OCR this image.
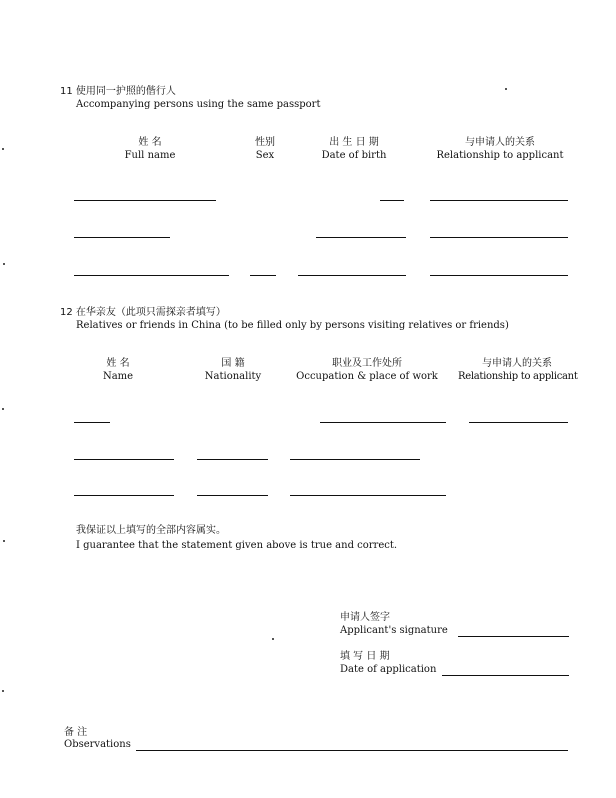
11 使用同一护照的偕行人
Accompanying persons using the same passport
姓 名
Full name
性别
Sex
出 生 日 期
Date of birth
与申请人的关系
Relationship to applicant
12 在华亲友（此项只需探亲者填写）
Relatives or friends in China (to be filled only by persons visiting relatives or friends)
姓 名
Name
国 籍
Nationality
职业及工作处所
Occupation & place of work
与申请人的关系
Relationship to applicant
我保证以上填写的全部内容属实。
I guarantee that the statement given above is true and correct.
申请人签字
Applicant's signature
填 写 日 期
Date of application
备 注
Observations
